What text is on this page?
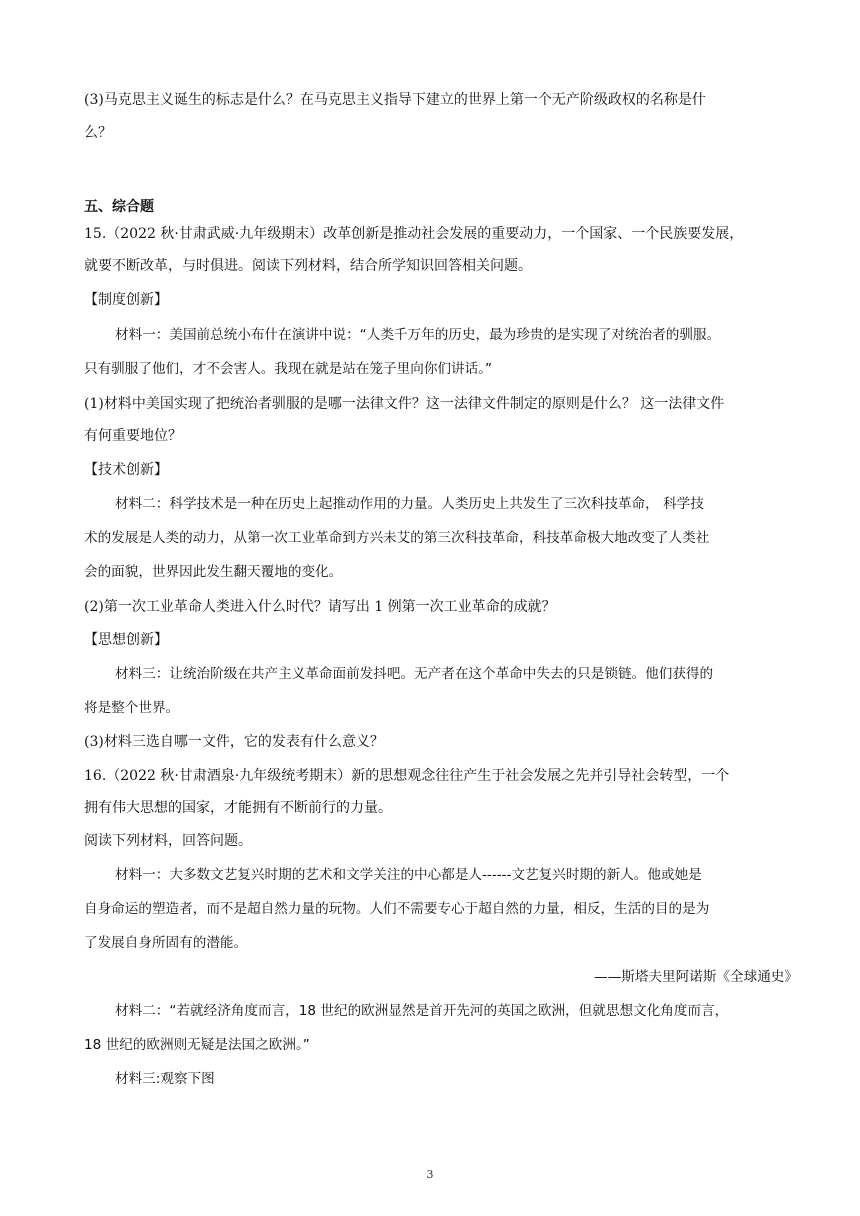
(3)马克思主义诞生的标志是什么？在马克思主义指导下建立的世界上第一个无产阶级政权的名称是什
么？
五、综合题
15.（2022 秋·甘肃武威·九年级期末）改革创新是推动社会发展的重要动力，一个国家、一个民族要发展，
就要不断改革，与时俱进。阅读下列材料，结合所学知识回答相关问题。
【制度创新】
材料一：美国前总统小布什在演讲中说：“人类千万年的历史，最为珍贵的是实现了对统治者的驯服。
只有驯服了他们，才不会害人。我现在就是站在笼子里向你们讲话。”
(1)材料中美国实现了把统治者驯服的是哪一法律文件？这一法律文件制定的原则是什么？ 这一法律文件
有何重要地位？
【技术创新】
材料二：科学技术是一种在历史上起推动作用的力量。人类历史上共发生了三次科技革命， 科学技
术的发展是人类的动力，从第一次工业革命到方兴未艾的第三次科技革命，科技革命极大地改变了人类社
会的面貌，世界因此发生翻天覆地的变化。
(2)第一次工业革命人类进入什么时代？请写出 1 例第一次工业革命的成就？
【思想创新】
材料三：让统治阶级在共产主义革命面前发抖吧。无产者在这个革命中失去的只是锁链。他们获得的
将是整个世界。
(3)材料三选自哪一文件，它的发表有什么意义？
16.（2022 秋·甘肃酒泉·九年级统考期末）新的思想观念往往产生于社会发展之先并引导社会转型，一个
拥有伟大思想的国家，才能拥有不断前行的力量。
阅读下列材料，回答问题。
材料一：大多数文艺复兴时期的艺术和文学关注的中心都是人------文艺复兴时期的新人。他或她是
自身命运的塑造者，而不是超自然力量的玩物。人们不需要专心于超自然的力量，相反，生活的目的是为
了发展自身所固有的潜能。
——斯塔夫里阿诺斯《全球通史》
材料二：“若就经济角度而言，18 世纪的欧洲显然是首开先河的英国之欧洲，但就思想文化角度而言，
18 世纪的欧洲则无疑是法国之欧洲。”
材料三:观察下图
3
